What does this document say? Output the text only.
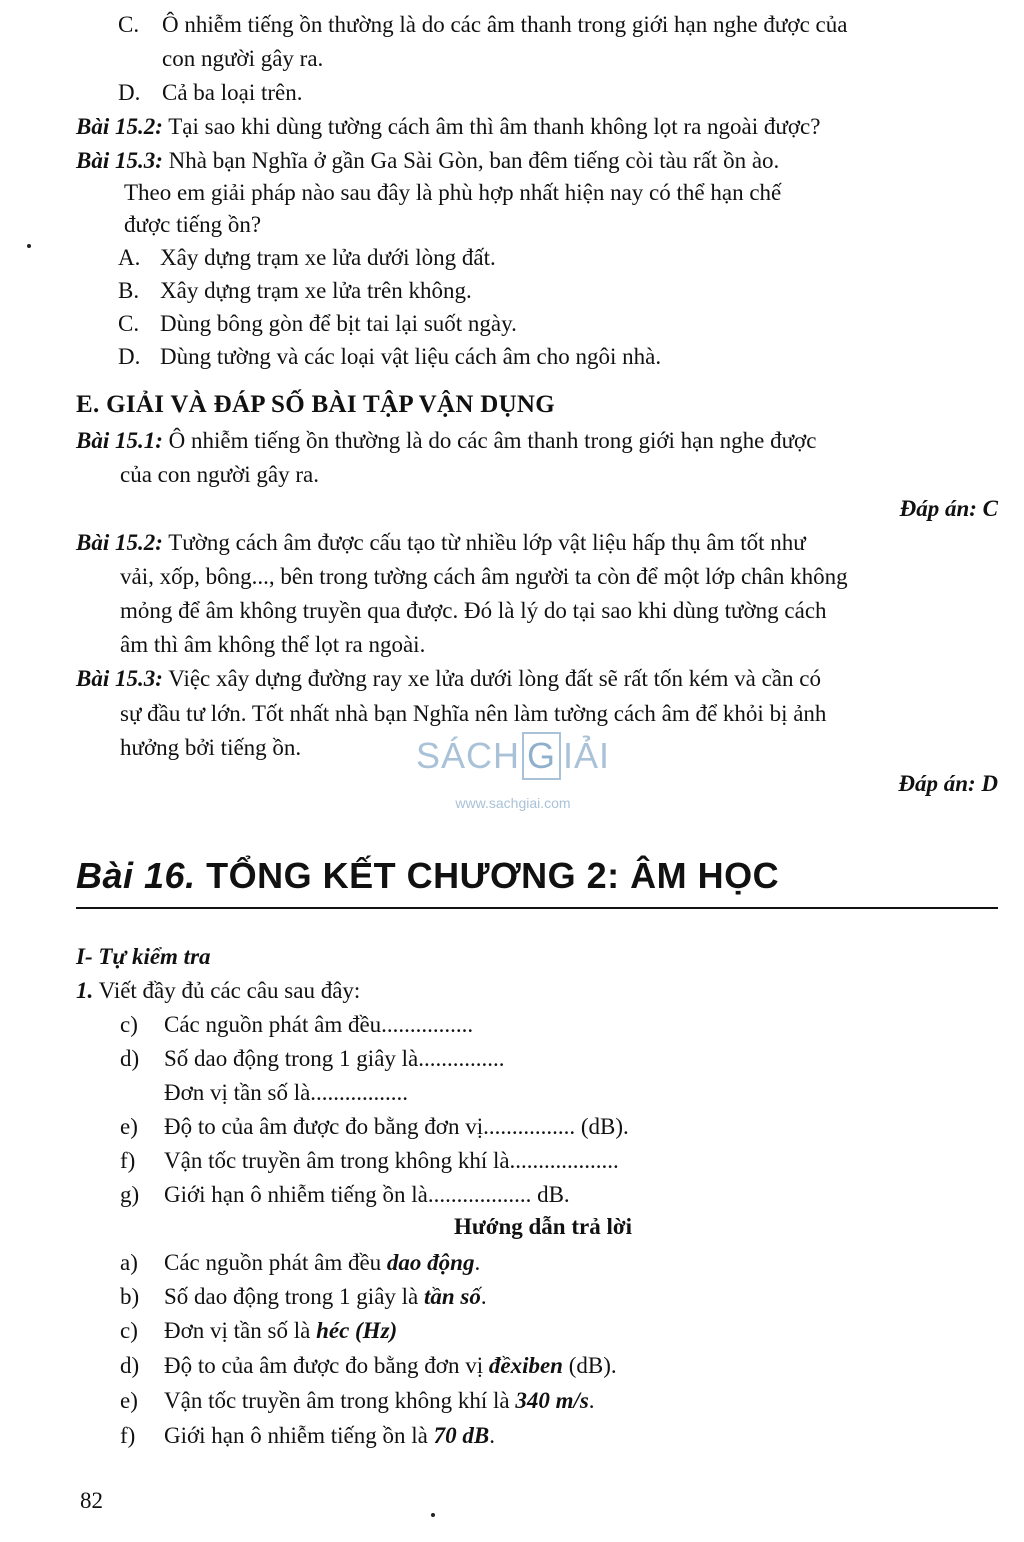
C. Ô nhiễm tiếng ồn thường là do các âm thanh trong giới hạn nghe được của
con người gây ra.
D. Cả ba loại trên.
Bài 15.2: Tại sao khi dùng tường cách âm thì âm thanh không lọt ra ngoài được?
Bài 15.3: Nhà bạn Nghĩa ở gần Ga Sài Gòn, ban đêm tiếng còi tàu rất ồn ào.
Theo em giải pháp nào sau đây là phù hợp nhất hiện nay có thể hạn chế
được tiếng ồn?
A. Xây dựng trạm xe lửa dưới lòng đất.
B. Xây dựng trạm xe lửa trên không.
C. Dùng bông gòn để bịt tai lại suốt ngày.
D. Dùng tường và các loại vật liệu cách âm cho ngôi nhà.
E. GIẢI VÀ ĐÁP SỐ BÀI TẬP VẬN DỤNG
Bài 15.1: Ô nhiễm tiếng ồn thường là do các âm thanh trong giới hạn nghe được
của con người gây ra.
Đáp án: C
Bài 15.2: Tường cách âm được cấu tạo từ nhiều lớp vật liệu hấp thụ âm tốt như
vải, xốp, bông..., bên trong tường cách âm người ta còn để một lớp chân không
mỏng để âm không truyền qua được. Đó là lý do tại sao khi dùng tường cách
âm thì âm không thể lọt ra ngoài.
Bài 15.3: Việc xây dựng đường ray xe lửa dưới lòng đất sẽ rất tốn kém và cần có
sự đầu tư lớn. Tốt nhất nhà bạn Nghĩa nên làm tường cách âm để khỏi bị ảnh
hưởng bởi tiếng ồn.
Đáp án: D
SÁCH G IẢI
www.sachgiai.com
Bài 16. TỔNG KẾT CHƯƠNG 2: ÂM HỌC
I- Tự kiểm tra
1. Viết đầy đủ các câu sau đây:
c) Các nguồn phát âm đều................
d) Số dao động trong 1 giây là...............
Đơn vị tần số là.................
e) Độ to của âm được đo bằng đơn vị................ (dB).
f) Vận tốc truyền âm trong không khí là...................
g) Giới hạn ô nhiễm tiếng ồn là.................. dB.
Hướng dẫn trả lời
a) Các nguồn phát âm đều dao động.
b) Số dao động trong 1 giây là tần số.
c) Đơn vị tần số là héc (Hz)
d) Độ to của âm được đo bằng đơn vị đềxiben (dB).
e) Vận tốc truyền âm trong không khí là 340 m/s.
f) Giới hạn ô nhiễm tiếng ồn là 70 dB.
82
